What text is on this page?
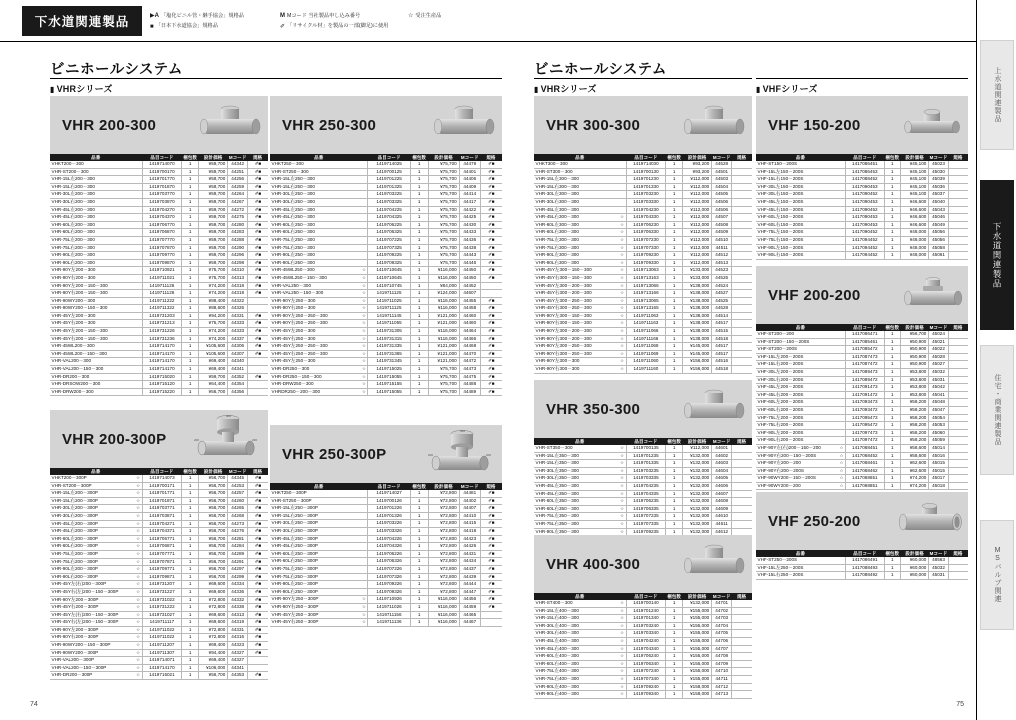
下水道関連製品	▶A 「塩化ビニル管・継手協会」規格品
■ 「日本下水道協会」規格品
M Mコード 当社製品申し込み番号
✐ 「リサイクル材」を製品の一部(脚足)に使用
☆ 受注生産品
ビニホールシステム
▮ VHRシリーズ
ビニホールシステム
▮ VHRシリーズ	▮ VHFシリーズ
VHR 200-300
品番	品目コード	梱包数	設計価格	Mコード	規格
VHKT200－300	1419714070	1	¥59,700	44342	✐■
VHR-ST200－300	1419700170	1	¥59,700	44251	✐■
VHR-15L左200－300	1419701770	1	¥59,700	44256	✐■
VHR-15L右200－300	1419701870	1	¥59,700	44259	✐■
VHR-30L左200－300	1419703770	1	¥59,700	44264	✐■
VHR-30L右200－300	1419703870	1	¥59,700	44267	✐■
VHR-45L左200－300	1419704270	1	¥59,700	44272	✐■
VHR-45L右200－300	1419704370	1	¥59,700	44275	✐■
VHR-60L左200－300	1419706770	1	¥59,700	44280	✐■
VHR-60L右200－300	1419706870	1	¥59,700	44283	✐■
VHR-75L左200－300	1419707770	1	¥59,700	44288	✐■
VHR-75L右200－300	1419707870	1	¥59,700	44290	✐■
VHR-90L左200－300	1419709770	1	¥59,700	44296	✐■
VHR-90L右200－300	1419709870	1	¥59,700	44298	✐■
VHR-90Y左200－300	1419710921	1	¥75,700	44310	✐■
VHR-90Y右200－300	1419711021	1	¥75,700	44313	✐■
VHR-90Y左200－150－300	1419711126	1	¥74,200	44318	✐■
VHR-90Y右200－150－300	1419711126	1	¥74,200	44318	✐■
VHR-90WY200－300	1419711222	1	¥88,400	44322	
VHR-90WY200－150－300	1419711322	1	¥88,600	44326	
VHR-45Y左200－300	1419731203	1	¥94,200	44331	✐■
VHR-45Y右200－300	1419731213	1	¥75,700	44333	✐■
VHR-45Y左200－150－300	1419731226	1	¥74,200	44333	✐■
VHR-45Y右200－150－300	1419731236	1	¥74,200	44337	✐■
VHR-45WL200－300	1419714170	1	¥105,600	44306	✐■
VHR-45WL200－150－300	1419714170	1	¥105,600	44307	✐■
VHR-VAL200－300	1419714170	1	¥69,400	44340	
VHR-VAL200－150－300	1419714170	1	¥69,400	44341	
VHR-DR200－300	1419715020	1	¥59,700	44352	✐■
VHR-DRSOW200－300	1419715120	1	¥64,400	44354	
VHR-DRW200－300	1419715220	1	¥56,700	44356	
VHR 250-300
品番	品目コード	梱包数	設計価格	Mコード	規格
VHKT250－300	1419714025	1	¥75,700	44479	✐■
VHR-ST250－300	1419700125	1	¥75,700	44401	✐■
VHR-15L左250－300	1419701225	1	¥75,700	44406	✐■
VHR-15L右250－300	1419701325	1	¥75,700	44409	✐■
VHR-30L左250－300	1419703225	1	¥75,700	44414	✐■
VHR-30L右250－300	1419703325	1	¥75,700	44417	✐■
VHR-45L左250－300	1419704225	1	¥75,700	44422	✐■
VHR-45L右250－300	1419704325	1	¥75,700	44425	✐■
VHR-60L左250－300	1419706225	1	¥75,700	44430	✐■
VHR-60L右250－300	1419706325	1	¥75,700	44433	✐■
VHR-75L左250－300	1419707225	1	¥75,700	44436	✐■
VHR-75L右250－300	1419707325	1	¥75,700	44438	✐■
VHR-90L左250－300	1419709225	1	¥75,700	44443	✐■
VHR-90L右250－300	1419709325	1	¥75,700	44446	✐■
VHR-45WL250－300 ☆	1419710645	1	¥116,000	44450	✐■
VHR-45WL250－150－300 ☆	1419710645	1	¥116,000	44450	✐■
VHR-VAL250－300 ☆	1419710745	1	¥84,000	44452	
VHR-VAL250－150－300 ☆	1419711125	1	¥124,000	44607	
VHR-90Y左250－300 ☆	1419711025	1	¥116,000	44455	✐■
VHR-90Y右250－300 ☆	1419711125	1	¥116,000	44458	✐■
VHR-90Y左250－250－300 ☆	1419711145	1	¥121,000	44460	✐■
VHR-90Y右250－250－300 ☆	1419711055	1	¥121,000	44460	✐■
VHR-45Y左250－300 ☆	1419731305	1	¥116,000	44464	✐■
VHR-45Y右250－300 ☆	1419731315	1	¥116,000	44466	✐■
VHR-45Y左250－250－300 ☆	1419731335	1	¥121,000	44468	✐■
VHR-45Y右250－250－300 ☆	1419731365	1	¥121,000	44470	✐■
VHR-45Y左250－300 ☆	1419731345	1	¥121,000	44472	✐■
VHR-DR250－300 ☆	1419715025	1	¥75,700	44473	✐■
VHR-DR250－150－300 ☆	1419715055	1	¥75,700	44475	✐■
VHR-DRW250－300 ☆	1419715155	1	¥75,700	44488	✐■
VHRDR250－200－300 ☆	1419715055	1	¥75,700	44489	✐■
VHR 200-300P
300
200	200
品番	品目コード	梱包数	設計価格	Mコード	規格
VHKT200－300P ☆	1419714073	1	¥56,700	44345	✐■
VHR-ST200－300P ☆	1419700171	1	¥56,700	44253	✐■
VHR-15L左200－300P ☆	1419701771	1	¥56,700	44257	✐■
VHR-15L右200－300P ☆	1419701871	1	¥56,700	44260	✐■
VHR-30L左200－300P ☆	1419703771	1	¥56,700	44265	✐■
VHR-30L右200－300P ☆	1419703871	1	¥56,700	44268	✐■
VHR-45L左200－300P ☆	1419704271	1	¥56,700	44273	✐■
VHR-45L右200－300P ☆	1419704371	1	¥56,700	44276	✐■
VHR-60L左200－300P ☆	1419706771	1	¥56,700	44281	✐■
VHR-60L右200－300P ☆	1419706871	1	¥56,700	44284	✐■
VHR-75L左200－300P ☆	1419707771	1	¥56,700	44289	✐■
VHR-75L右200－300P ☆	1419707871	1	¥56,700	44291	✐■
VHR-90L左200－300P ☆	1419709771	1	¥56,700	44297	✐■
VHR-90L右200－300P ☆	1419709871	1	¥56,700	44299	✐■
VHR-45Y左(右)200－300P ☆	1419731207	1	¥69,600	44334	✐■
VHR-45Y右(左)200－150－300P ☆	1419731227	1	¥69,600	44336	✐■
VHR-90Y左200－300P ☆	1419731022	1	¥72,800	44332	✐■
VHR-45Y右200－300P ☆	1419731222	1	¥72,800	44338	✐■
VHR-45Y左(右)200－150－300P ☆	1419731027	1	¥69,600	44313	✐■
VHR-45Y右(左)200－150－300P ☆	1419711117	1	¥69,600	44319	✐■
VHR-90Y左200－300P ☆	1419711022	1	¥72,800	44331	✐■
VHR-90Y右200－300P ☆	1419711022	1	¥72,800	44316	✐■
VHR-90WY200－150－300P ☆	1419711207	1	¥69,400	44323	✐■
VHR-90WY200－300P ☆	1419711307	1	¥94,400	44327	✐■
VHR-VAL200－300P ☆	1419714071	1	¥69,400	44327	
VHR-VAL200－150－300P ☆	1419714170	1	¥106,000	44341	
VHR-DR200－300P ☆	1419715021	1	¥56,700	44353	✐■
VHR 250-300P
300
200	200
品番	品目コード	梱包数	設計価格	Mコード	規格
VHKT250－300P	1419714027	1	¥72,800	44481	✐■
VHR-ST250－300P	1419700126	1	¥72,800	44402	✐■
VHR-15L左250－300P	1419701226	1	¥72,800	44407	✐■
VHR-15L右250－300P	1419701326	1	¥72,800	44410	✐■
VHR-30L左250－300P	1419703226	1	¥72,800	44415	✐■
VHR-30L右250－300P	1419703326	1	¥72,800	44418	✐■
VHR-45L左250－300P	1419704226	1	¥72,800	44423	✐■
VHR-45L右250－300P	1419704326	1	¥72,800	44426	✐■
VHR-60L左250－300P	1419706226	1	¥72,800	44431	✐■
VHR-60L右250－300P	1419706326	1	¥72,800	44434	✐■
VHR-75L左250－300P	1419707226	1	¥72,800	44437	✐■
VHR-75L右250－300P	1419707326	1	¥72,800	44439	✐■
VHR-90L左250－300P	1419709226	1	¥72,800	44444	✐■
VHR-90L右250－300P	1419709326	1	¥72,800	44447	✐■
VHR-90Y左250－300P ☆	1419710926	1	¥116,000	44456	✐■
VHR-90Y右250－300P ☆	1419711026	1	¥116,000	44459	✐■
VHR-45Y左250－300P ☆	1419711156	1	¥116,000	44465	
VHR-45Y右250－300P ☆	1419711136	1	¥116,000	44467	
VHR 300-300
品番	品目コード	梱包数	設計価格	Mコード	規格
VHKT300－300	1419714030	1	¥93,200	44528	
VHR-ST300－300	1419700130	1	¥93,200	44501	
VHR-15L左300－300	1419701230	1	¥112,000	44503	
VHR-15L右300－300	1419701330	1	¥112,000	44504	
VHR-30L左300－300	1419703230	1	¥112,000	44505	
VHR-30L右300－300	1419703330	1	¥112,000	44506	
VHR-45L左300－300	1419704230	1	¥112,000	44506	
VHR-45L右300－300 ☆	1419704330	1	¥112,000	44507	
VHR-60L左300－300 ☆	1419706230	1	¥112,000	44508	
VHR-60L右300－300 ☆	1419706330	1	¥112,000	44509	
VHR-75L左300－300 ☆	1419707230	1	¥112,000	44510	
VHR-75L右300－300 ☆	1419707330	1	¥112,000	44511	
VHR-90L左300－300 ☆	1419709230	1	¥112,000	44512	
VHR-90L右300－300 ☆	1419709330	1	¥112,000	44513	
VHR-45Y左300－150－300 ☆	1419713063	1	¥133,000	44523	
VHR-45Y右300－150－300 ☆	1419713163	1	¥133,000	44526	
VHR-45Y左300－200－300 ☆	1419713066	1	¥138,000	44524	
VHR-45Y右300－200－300 ☆	1419713166	1	¥138,000	44527	
VHR-45Y左300－250－300 ☆	1419713065	1	¥138,000	44525	
VHR-45Y右300－250－300 ☆	1419713165	1	¥138,000	44528	
VHR-90Y左300－150－300 ☆	1419711063	1	¥138,000	44514	
VHR-90Y右300－150－300 ☆	1419711163	1	¥138,000	44517	
VHR-90Y左300－200－300 ☆	1419711066	1	¥138,000	44515	
VHR-90Y右300－200－300 ☆	1419711166	1	¥138,000	44518	
VHR-90Y左300－250－300 ☆	1419711069	1	¥145,000	44517	
VHR-90Y右300－250－300 ☆	1419711069	1	¥145,000	44517	
VHR-90Y左300－300 ☆	1419711060	1	¥156,000	44516	
VHR-90Y右300－300 ☆	1419711160	1	¥156,000	44518	
VHR 350-300
品番	品目コード	梱包数	設計価格	Mコード	規格
VHR-ST350－300 ☆	1419700135	1	¥112,000	44601	
VHR-15L左350－300 ☆	1419701235	1	¥132,000	44602	
VHR-15L右350－300 ☆	1419701335	1	¥132,000	44603	
VHR-30L左350－300 ☆	1419703235	1	¥132,000	44604	
VHR-30L右350－300 ☆	1419703335	1	¥132,000	44605	
VHR-45L左350－300 ☆	1419704235	1	¥132,000	44606	
VHR-45L右350－300 ☆	1419704335	1	¥132,000	44607	
VHR-60L左350－300 ☆	1419706235	1	¥132,000	44608	
VHR-60L右350－300 ☆	1419706335	1	¥132,000	44609	
VHR-75L左350－300 ☆	1419707235	1	¥132,000	44610	
VHR-75L右350－300 ☆	1419707335	1	¥132,000	44611	
VHR-90L左350－300 ☆	1419709235	1	¥132,000	44612	

VHR 400-300
品番	品目コード	梱包数	設計価格	Mコード	規格
VHR-ST400－300 ☆	1419700140	1	¥132,000	44701	
VHR-15L左400－300 ☆	1419701240	1	¥155,000	44702	
VHR-15L右400－300 ☆	1419701340	1	¥155,000	44703	
VHR-30L左400－300 ☆	1419703240	1	¥155,000	44704	
VHR-30L右400－300 ☆	1419703340	1	¥155,000	44705	
VHR-45L左400－300 ☆	1419704240	1	¥155,000	44706	
VHR-45L右400－300 ☆	1419704340	1	¥155,000	44707	
VHR-60L左400－300 ☆	1419706240	1	¥155,000	44708	
VHR-60L右400－300 ☆	1419706340	1	¥155,000	44709	
VHR-75L左400－300 ☆	1419707240	1	¥155,000	44710	
VHR-75L右400－300 ☆	1419707340	1	¥155,000	44711	
VHR-90L左400－300 ☆	1419709240	1	¥158,000	44712	
VHR-90L右400－300 ☆	1419709340	1	¥158,000	44713	
VHF 150-200
品番	品目コード	梱包数	設計価格	Mコード	規格
VHF-ST150－200S	1417086451	1	¥45,100	45023	
VHF-15L左150－200S	1417086453	1	¥45,100	45030	
VHF-15L右150－200S	1417088452	1	¥45,100	45039	
VHF-30L左150－200S	1417090453	1	¥45,100	45036	
VHF-30L右150－200S	1417090452	1	¥45,100	45037	
VHF-45L左150－200S	1417090453	1	¥46,600	45040	
VHF-45L右150－200S	1417090452	1	¥46,600	45043	
VHF-60L左150－200S	1417090453	1	¥46,600	45046	
VHF-60L右150－200S	1417090453	1	¥46,600	45049	
VHF-75L左150－200S	1417090452	1	¥48,000	45056	
VHF-75L右150－200S	1417094452	1	¥48,000	45056	
VHF-90L左150－200S	1417094452	1	¥48,000	45058	
VHF-90L右150－200S	1417094452	1	¥48,000	45061	
VHF 200-200
品番	品目コード	梱包数	設計価格	Mコード	規格
VHF-ST200－200	1417086471	1	¥56,700	45024	
VHF-ST200－150－200S	1417085461	1	¥50,900	45021	
VHF-ST200－200S	1417085472	1	¥50,900	45022	
VHF-15L左200－200S	1417087473	1	¥50,900	45028	
VHF-15L右200－200S	1417087472	1	¥50,900	45027	
VHF-30L左200－200S	1417089473	1	¥53,800	45032	
VHF-30L右200－200S	1417089472	1	¥53,800	45031	
VHF-45L左200－200S	1417091473	1	¥53,800	45042	
VHF-45L右200－200S	1417091472	1	¥53,800	45041	
VHF-60L左200－200S	1417093473	1	¥58,200	45048	
VHF-60L右200－200S	1417093472	1	¥58,200	45047	
VHF-75L左200－200S	1417095473	1	¥58,200	45054	
VHF-75L右200－200S	1417095472	1	¥58,200	45053	
VHF-90L左200－200S	1417097473	1	¥58,200	45060	
VHF-90L右200－200S	1417097472	1	¥58,200	45059	
VHF-90Y左(右)200－150－200 ☆	1417068451	1	¥58,600	45014	
VHF-90Y右200－150－200S ☆	1417068452	1	¥58,600	45016	
VHF-90Y左200－200 ☆	1417068461	1	¥62,600	45015	
VHF-90Y右200－200S ☆	1417068462	1	¥62,600	45015	
VHF-90WY200－150－200S ☆	1417068651	1	¥74,200	45017	
VHF-90WY200－200 ☆	1417068851	1	¥74,200	45018	
VHF 250-200
品番	品目コード	梱包数	設計価格	Mコード	規格
VHF-ST250－200S	1417086491	1	¥60,000	48563	
VHF-15L左250－200S	1417088493	1	¥60,000	45032	
VHF-15L右250－200S	1417088492	1	¥60,000	45031	
上水道関連製品
下水道関連製品
住宅・商業関連製品
MSバルブ関連
74	75
